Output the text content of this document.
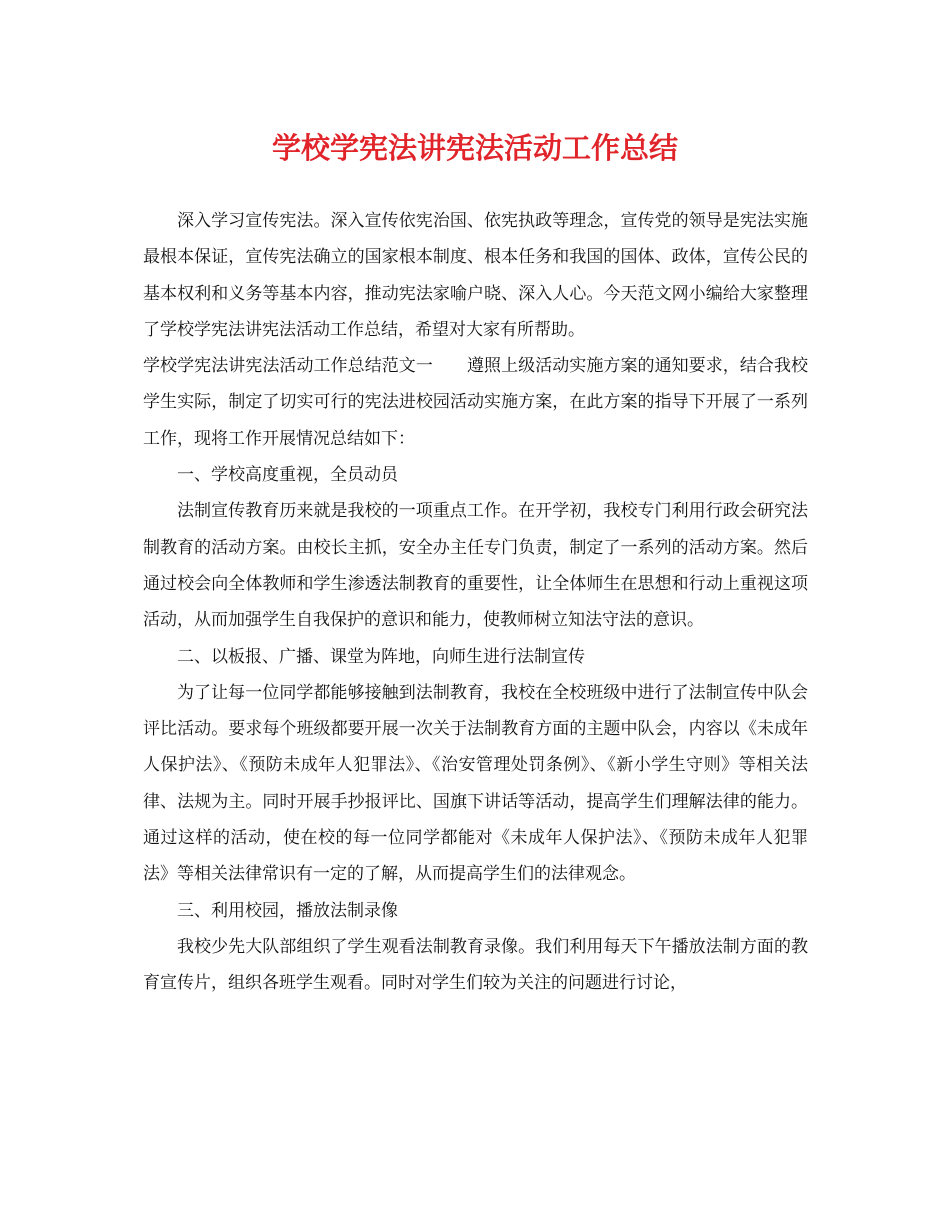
学校学宪法讲宪法活动工作总结

深入学习宣传宪法。深入宣传依宪治国、依宪执政等理念，宣传党的领导是宪法实施最根本保证，宣传宪法确立的国家根本制度、根本任务和我国的国体、政体，宣传公民的基本权利和义务等基本内容，推动宪法家喻户晓、深入人心。今天范文网小编给大家整理了学校学宪法讲宪法活动工作总结，希望对大家有所帮助。

学校学宪法讲宪法活动工作总结范文一 遵照上级活动实施方案的通知要求，结合我校学生实际，制定了切实可行的宪法进校园活动实施方案，在此方案的指导下开展了一系列工作，现将工作开展情况总结如下：

一、学校高度重视，全员动员

法制宣传教育历来就是我校的一项重点工作。在开学初，我校专门利用行政会研究法制教育的活动方案。由校长主抓，安全办主任专门负责，制定了一系列的活动方案。然后通过校会向全体教师和学生渗透法制教育的重要性，让全体师生在思想和行动上重视这项活动，从而加强学生自我保护的意识和能力，使教师树立知法守法的意识。

二、以板报、广播、课堂为阵地，向师生进行法制宣传

为了让每一位同学都能够接触到法制教育，我校在全校班级中进行了法制宣传中队会评比活动。要求每个班级都要开展一次关于法制教育方面的主题中队会，内容以《未成年人保护法》、《预防未成年人犯罪法》、《治安管理处罚条例》、《新小学生守则》等相关法律、法规为主。同时开展手抄报评比、国旗下讲话等活动，提高学生们理解法律的能力。通过这样的活动，使在校的每一位同学都能对《未成年人保护法》、《预防未成年人犯罪法》等相关法律常识有一定的了解，从而提高学生们的法律观念。

三、利用校园，播放法制录像

我校少先大队部组织了学生观看法制教育录像。我们利用每天下午播放法制方面的教育宣传片，组织各班学生观看。同时对学生们较为关注的问题进行讨论，
